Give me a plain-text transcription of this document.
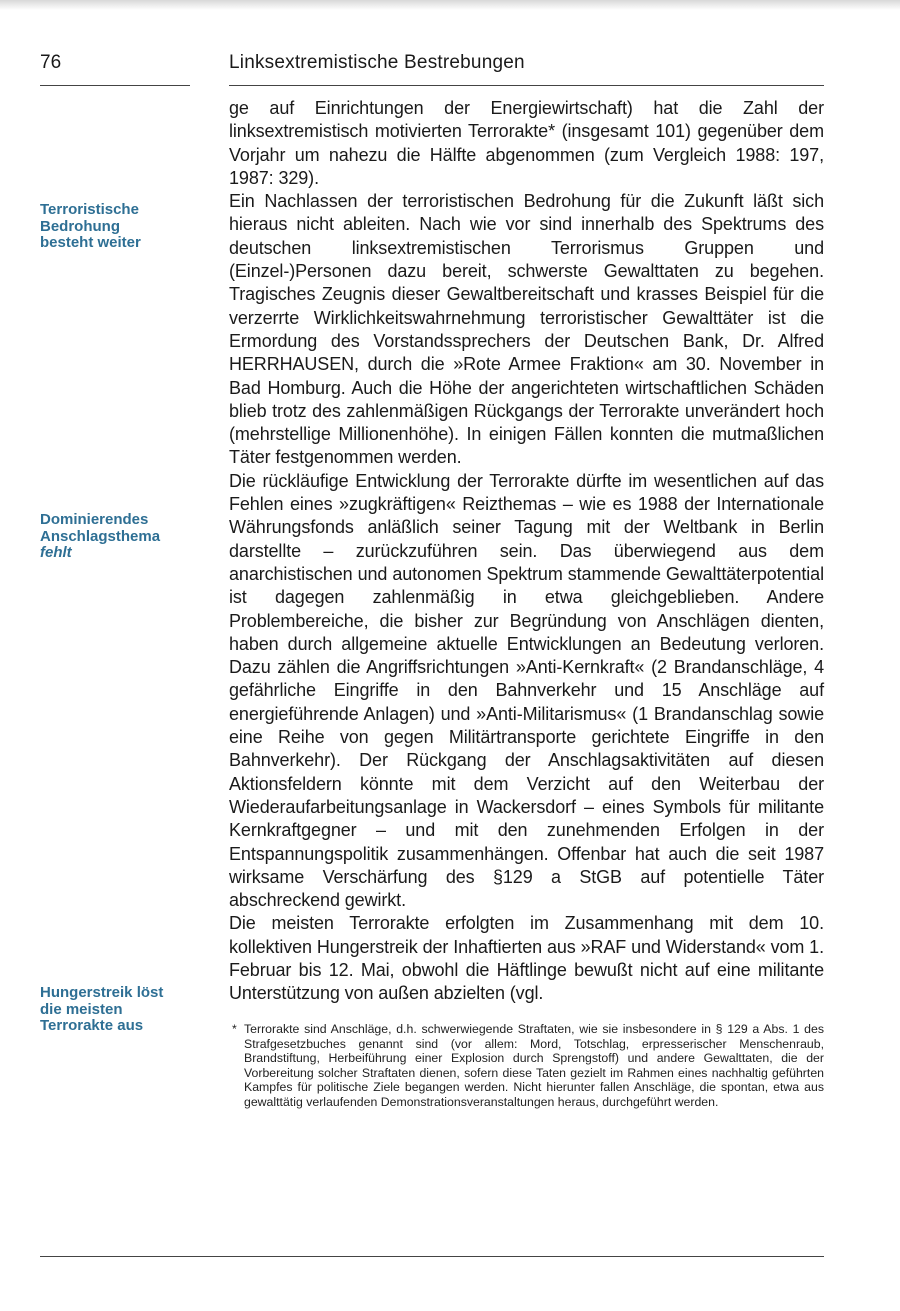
76	Linksextremistische Bestrebungen
Terroristische
Bedrohung
besteht weiter
Dominierendes
Anschlagsthema
fehlt
Hungerstreik löst
die meisten
Terrorakte aus

ge auf Einrichtungen der Energiewirtschaft) hat die Zahl der linksextremistisch motivierten Terrorakte* (insgesamt 101) gegenüber dem Vorjahr um nahezu die Hälfte abgenommen (zum Vergleich 1988: 197, 1987: 329).

Ein Nachlassen der terroristischen Bedrohung für die Zukunft läßt sich hieraus nicht ableiten. Nach wie vor sind innerhalb des Spektrums des deutschen linksextremistischen Terrorismus Gruppen und (Einzel-)Personen dazu bereit, schwerste Gewalttaten zu begehen. Tragisches Zeugnis dieser Gewaltbereitschaft und krasses Beispiel für die verzerrte Wirklichkeitswahrnehmung terroristischer Gewalttäter ist die Ermordung des Vorstandssprechers der Deutschen Bank, Dr. Alfred HERRHAUSEN, durch die »Rote Armee Fraktion« am 30. November in Bad Homburg. Auch die Höhe der angerichteten wirtschaftlichen Schäden blieb trotz des zahlenmäßigen Rückgangs der Terrorakte unverändert hoch (mehrstellige Millionenhöhe). In einigen Fällen konnten die mutmaßlichen Täter festgenommen werden.

Die rückläufige Entwicklung der Terrorakte dürfte im wesentlichen auf das Fehlen eines »zugkräftigen« Reizthemas – wie es 1988 der Internationale Währungsfonds anläßlich seiner Tagung mit der Weltbank in Berlin darstellte – zurückzuführen sein. Das überwiegend aus dem anarchistischen und autonomen Spektrum stammende Gewalttäterpotential ist dagegen zahlenmäßig in etwa gleichgeblieben. Andere Problembereiche, die bisher zur Begründung von Anschlägen dienten, haben durch allgemeine aktuelle Entwicklungen an Bedeutung verloren. Dazu zählen die Angriffsrichtungen »Anti-Kernkraft« (2 Brandanschläge, 4 gefährliche Eingriffe in den Bahnverkehr und 15 Anschläge auf energieführende Anlagen) und »Anti-Militarismus« (1 Brandanschlag sowie eine Reihe von gegen Militärtransporte gerichtete Eingriffe in den Bahnverkehr). Der Rückgang der Anschlagsaktivitäten auf diesen Aktionsfeldern könnte mit dem Verzicht auf den Weiterbau der Wiederaufarbeitungsanlage in Wackersdorf – eines Symbols für militante Kernkraftgegner – und mit den zunehmenden Erfolgen in der Entspannungspolitik zusammenhängen. Offenbar hat auch die seit 1987 wirksame Verschärfung des §129 a StGB auf potentielle Täter abschreckend gewirkt.

Die meisten Terrorakte erfolgten im Zusammenhang mit dem 10. kollektiven Hungerstreik der Inhaftierten aus »RAF und Widerstand« vom 1. Februar bis 12. Mai, obwohl die Häftlinge bewußt nicht auf eine militante Unterstützung von außen abzielten (vgl.

* Terrorakte sind Anschläge, d.h. schwerwiegende Straftaten, wie sie insbesondere in § 129 a Abs. 1 des Strafgesetzbuches genannt sind (vor allem: Mord, Totschlag, erpresserischer Menschenraub, Brandstiftung, Herbeiführung einer Explosion durch Sprengstoff) und andere Gewalttaten, die der Vorbereitung solcher Straftaten dienen, sofern diese Taten gezielt im Rahmen eines nachhaltig geführten Kampfes für politische Ziele begangen werden. Nicht hierunter fallen Anschläge, die spontan, etwa aus gewalttätig verlaufenden Demonstrationsveranstaltungen heraus, durchgeführt werden.
